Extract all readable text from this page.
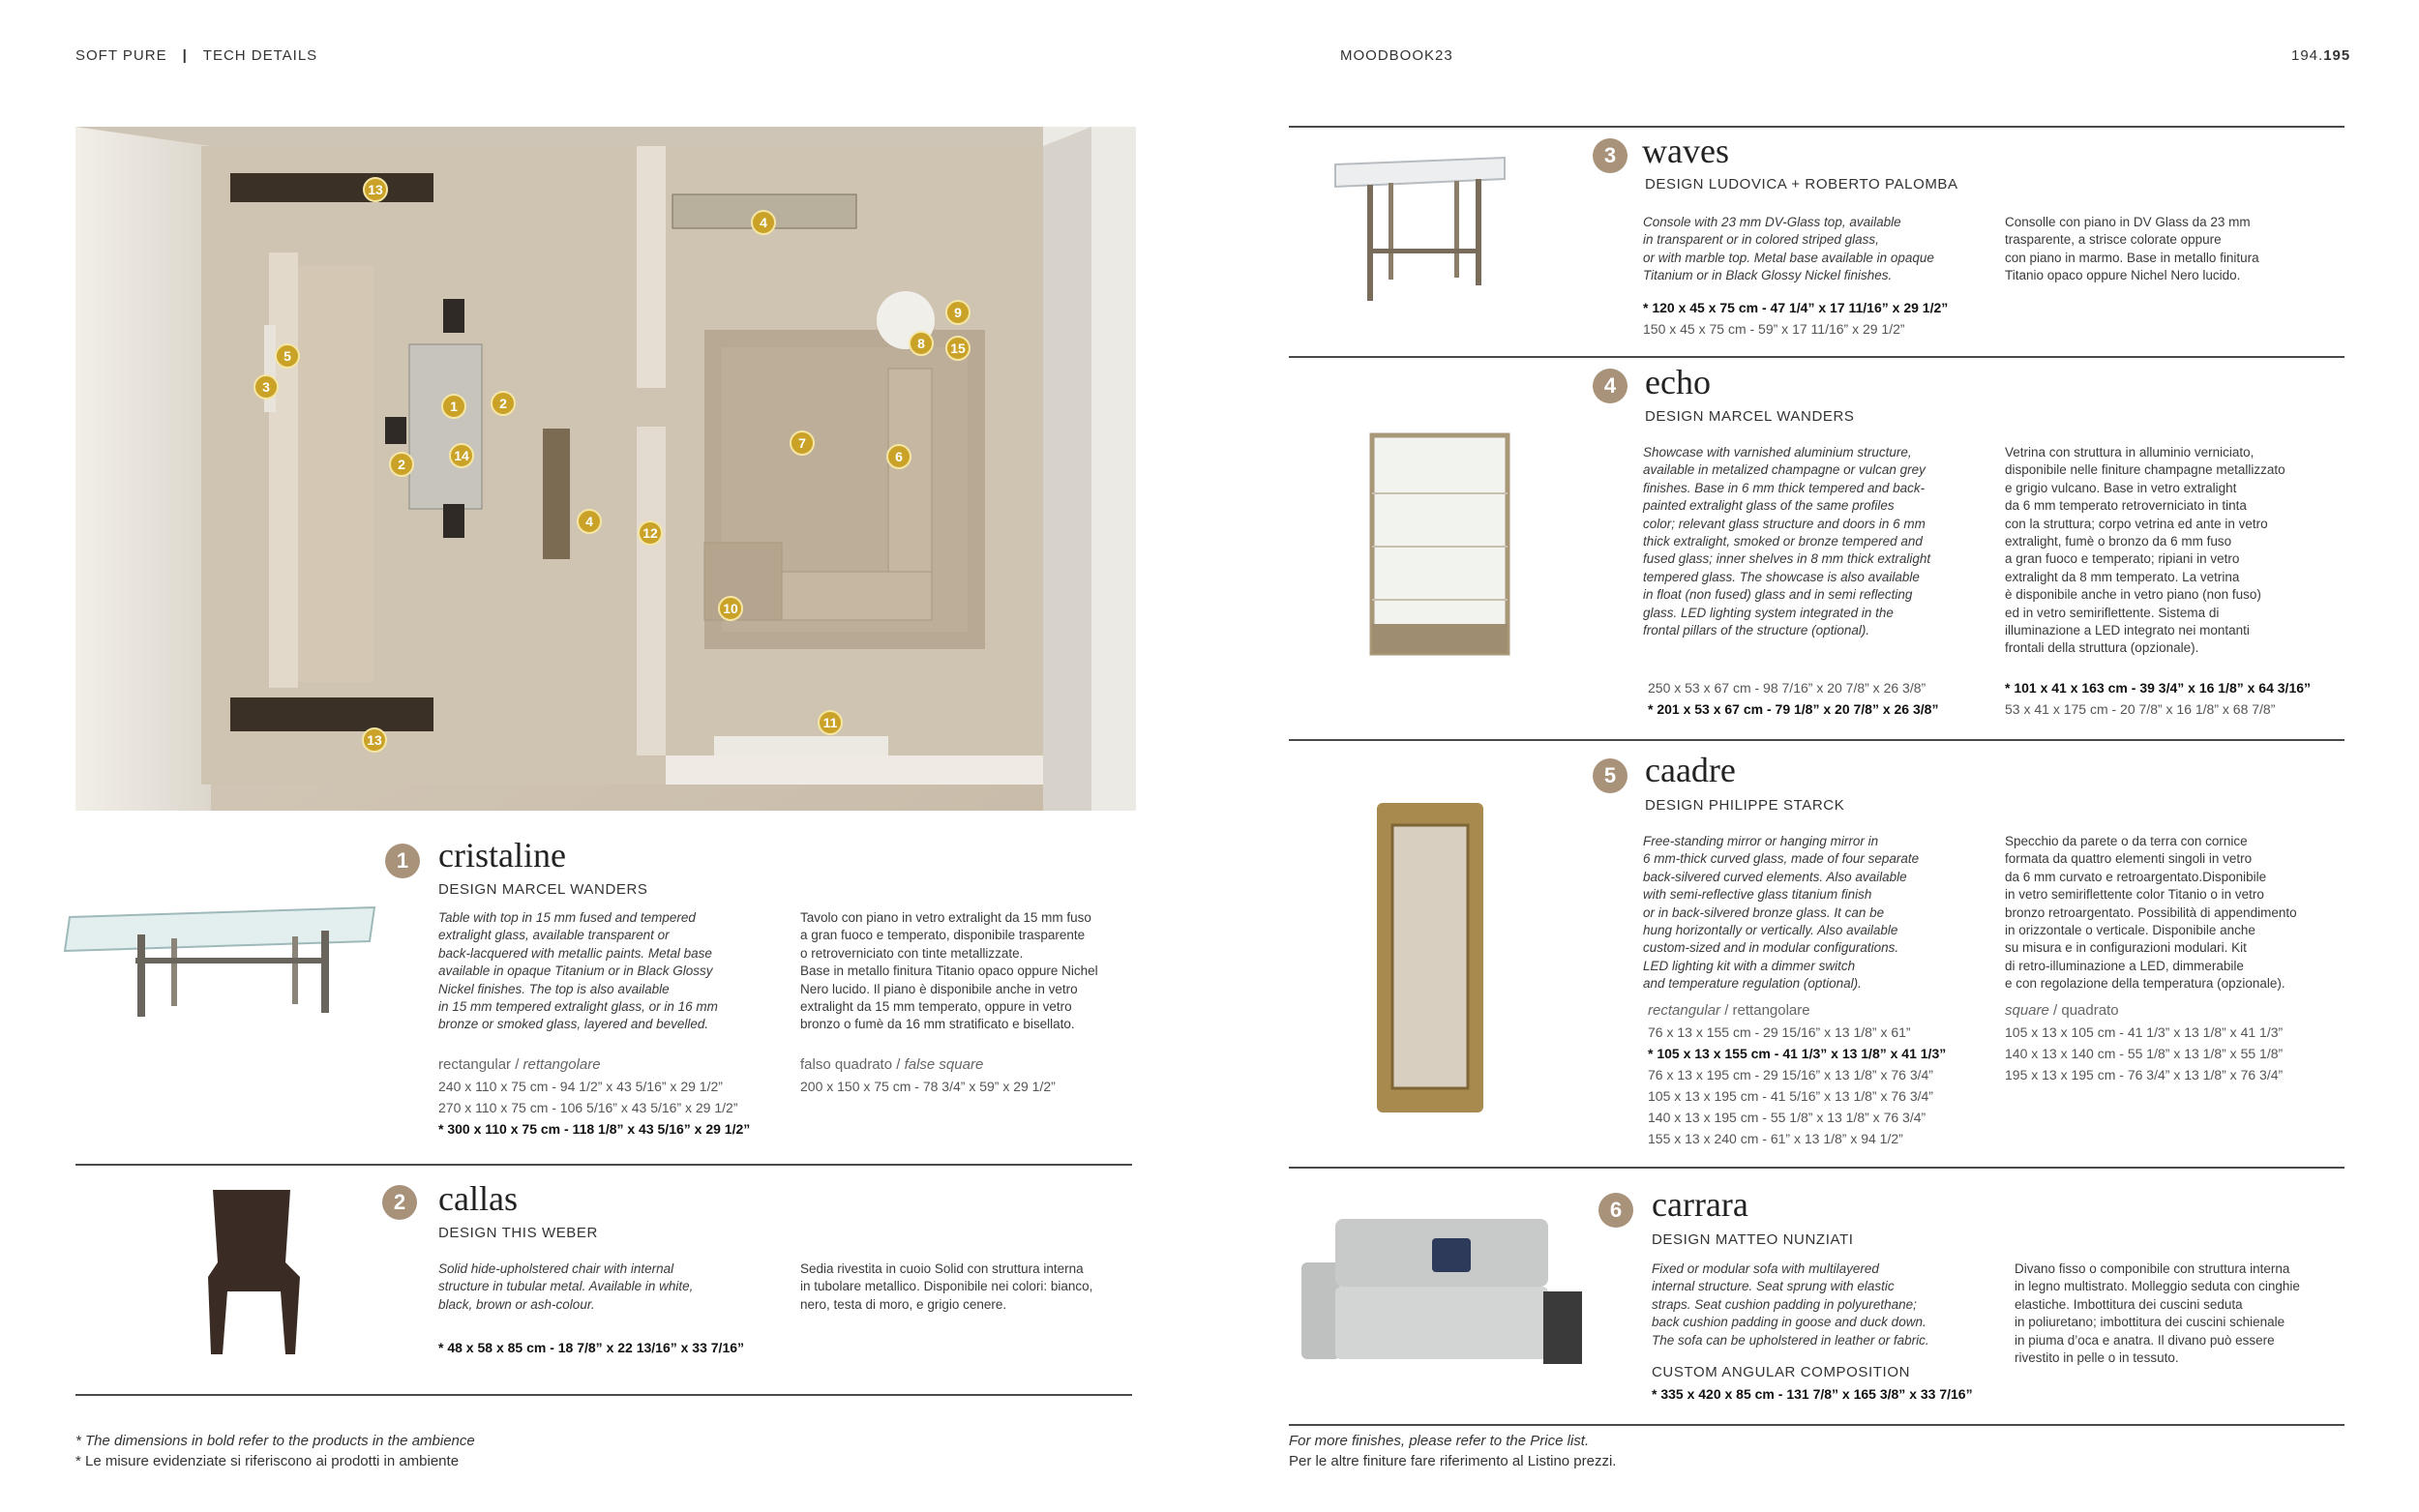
SOFT PURE | TECH DETAILS	MOODBOOK23	194.195
13
4
9
8	15
5
3
1	2
7
6
2
14
4
12
10
11
13
1 cristaline
DESIGN MARCEL WANDERS
Table with top in 15 mm fused and tempered
extralight glass, available transparent or
back-lacquered with metallic paints. Metal base
available in opaque Titanium or in Black Glossy
Nickel finishes. The top is also available
in 15 mm tempered extralight glass, or in 16 mm
bronze or smoked glass, layered and bevelled.
Tavolo con piano in vetro extralight da 15 mm fuso
a gran fuoco e temperato, disponibile trasparente
o retroverniciato con tinte metallizzate.
Base in metallo finitura Titanio opaco oppure Nichel
Nero lucido. Il piano è disponibile anche in vetro
extralight da 15 mm temperato, oppure in vetro
bronzo o fumè da 16 mm stratificato e bisellato.
rectangular / rettangolare
240 x 110 x 75 cm - 94 1/2” x 43 5/16” x 29 1/2”
270 x 110 x 75 cm - 106 5/16” x 43 5/16” x 29 1/2”
* 300 x 110 x 75 cm - 118 1/8” x 43 5/16” x 29 1/2”
falso quadrato / false square
200 x 150 x 75 cm - 78 3/4” x 59” x 29 1/2”
2 callas
DESIGN THIS WEBER
Solid hide-upholstered chair with internal
structure in tubular metal. Available in white,
black, brown or ash-colour.
Sedia rivestita in cuoio Solid con struttura interna
in tubolare metallico. Disponibile nei colori: bianco,
nero, testa di moro, e grigio cenere.
* 48 x 58 x 85 cm - 18 7/8” x 22 13/16” x 33 7/16”
3 waves
DESIGN LUDOVICA + ROBERTO PALOMBA
Console with 23 mm DV-Glass top, available
in transparent or in colored striped glass,
or with marble top. Metal base available in opaque
Titanium or in Black Glossy Nickel finishes.
Consolle con piano in DV Glass da 23 mm
trasparente, a strisce colorate oppure
con piano in marmo. Base in metallo finitura
Titanio opaco oppure Nichel Nero lucido.
* 120 x 45 x 75 cm - 47 1/4” x 17 11/16” x 29 1/2”
150 x 45 x 75 cm - 59” x 17 11/16” x 29 1/2”
4 echo
DESIGN MARCEL WANDERS
Showcase with varnished aluminium structure,
available in metalized champagne or vulcan grey
finishes. Base in 6 mm thick tempered and back-
painted extralight glass of the same profiles
color; relevant glass structure and doors in 6 mm
thick extralight, smoked or bronze tempered and
fused glass; inner shelves in 8 mm thick extralight
tempered glass. The showcase is also available
in float (non fused) glass and in semi reflecting
glass. LED lighting system integrated in the
frontal pillars of the structure (optional).
Vetrina con struttura in alluminio verniciato,
disponibile nelle finiture champagne metallizzato
e grigio vulcano. Base in vetro extralight
da 6 mm temperato retroverniciato in tinta
con la struttura; corpo vetrina ed ante in vetro
extralight, fumè o bronzo da 6 mm fuso
a gran fuoco e temperato; ripiani in vetro
extralight da 8 mm temperato. La vetrina
è disponibile anche in vetro piano (non fuso)
ed in vetro semiriflettente. Sistema di
illuminazione a LED integrato nei montanti
frontali della struttura (opzionale).
250 x 53 x 67 cm - 98 7/16” x 20 7/8” x 26 3/8”
* 201 x 53 x 67 cm - 79 1/8” x 20 7/8” x 26 3/8”
* 101 x 41 x 163 cm - 39 3/4” x 16 1/8” x 64 3/16”
53 x 41 x 175 cm - 20 7/8” x 16 1/8” x 68 7/8”
5 caadre
DESIGN PHILIPPE STARCK
Free-standing mirror or hanging mirror in
6 mm-thick curved glass, made of four separate
back-silvered curved elements. Also available
with semi-reflective glass titanium finish
or in back-silvered bronze glass. It can be
hung horizontally or vertically. Also available
custom-sized and in modular configurations.
LED lighting kit with a dimmer switch
and temperature regulation (optional).
Specchio da parete o da terra con cornice
formata da quattro elementi singoli in vetro
da 6 mm curvato e retroargentato.Disponibile
in vetro semiriflettente color Titanio o in vetro
bronzo retroargentato. Possibilità di appendimento
in orizzontale o verticale. Disponibile anche
su misura e in configurazioni modulari. Kit
di retro-illuminazione a LED, dimmerabile
e con regolazione della temperatura (opzionale).
rectangular / rettangolare
76 x 13 x 155 cm - 29 15/16” x 13 1/8” x 61”
* 105 x 13 x 155 cm - 41 1/3” x 13 1/8” x 41 1/3”
76 x 13 x 195 cm - 29 15/16” x 13 1/8” x 76 3/4”
105 x 13 x 195 cm - 41 5/16” x 13 1/8” x 76 3/4”
140 x 13 x 195 cm - 55 1/8” x 13 1/8” x 76 3/4”
155 x 13 x 240 cm - 61” x 13 1/8” x 94 1/2”
square / quadrato
105 x 13 x 105 cm - 41 1/3” x 13 1/8” x 41 1/3”
140 x 13 x 140 cm - 55 1/8” x 13 1/8” x 55 1/8”
195 x 13 x 195 cm - 76 3/4” x 13 1/8” x 76 3/4”
6 carrara
DESIGN MATTEO NUNZIATI
Fixed or modular sofa with multilayered
internal structure. Seat sprung with elastic
straps. Seat cushion padding in polyurethane;
back cushion padding in goose and duck down.
The sofa can be upholstered in leather or fabric.
Divano fisso o componibile con struttura interna
in legno multistrato. Molleggio seduta con cinghie
elastiche. Imbottitura dei cuscini seduta
in poliuretano; imbottitura dei cuscini schienale
in piuma d’oca e anatra. Il divano può essere
rivestito in pelle o in tessuto.
CUSTOM ANGULAR COMPOSITION
* 335 x 420 x 85 cm - 131 7/8” x 165 3/8” x 33 7/16”
* The dimensions in bold refer to the products in the ambience
* Le misure evidenziate si riferiscono ai prodotti in ambiente
For more finishes, please refer to the Price list.
Per le altre finiture fare riferimento al Listino prezzi.
